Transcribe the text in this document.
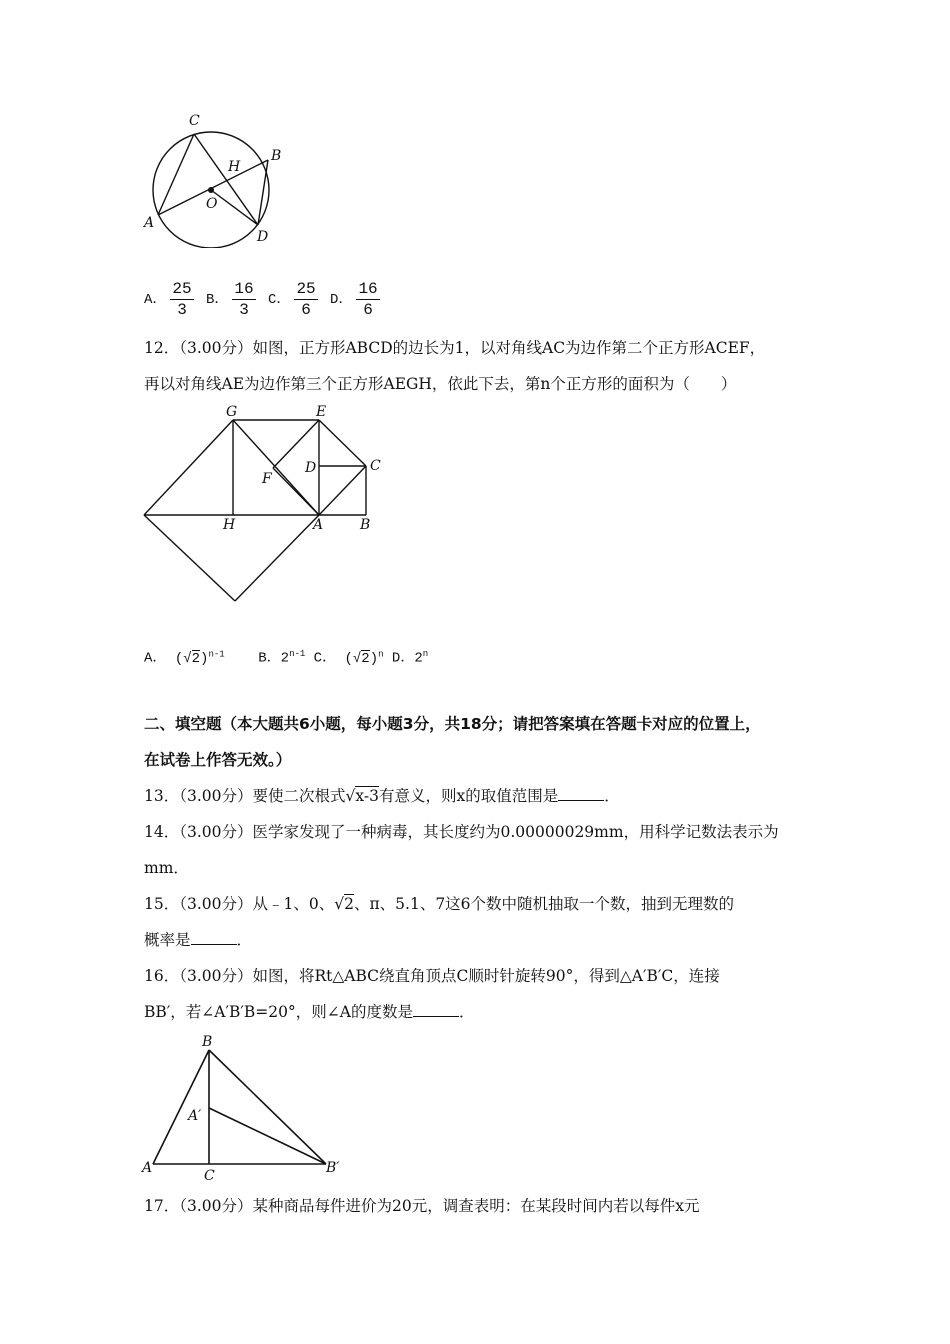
C
H
B
O
A
D
A． $\frac{25}{3}$ B． $\frac{16}{3}$ C． $\frac{25}{6}$ D． $\frac{16}{6}$
12．（3.00分）如图，正方形ABCD的边长为1，以对角线AC为边作第二个正方形ACEF，
再以对角线AE为边作第三个正方形AEGH，依此下去，第n个正方形的面积为（　　）
G	E
D	C
F
H	A	B
A． $(√2)^{n-1}$ B．2$^{n-1}$ C． $(√2)^n$ D．2$^n$
二、填空题（本大题共6小题，每小题3分，共18分；请把答案填在答题卡对应的位置上，
在试卷上作答无效。）
13．（3.00分）要使二次根式√x-3有意义，则x的取值范围是	．
14．（3.00分）医学家发现了一种病毒，其长度约为0.00000029mm，用科学记数法表示为
mm．
15．（3.00分）从﹣1、0、√2、π、5.1、7这6个数中随机抽取一个数，抽到无理数的
概率是	．
16．（3.00分）如图，将Rt△ABC绕直角顶点C顺时针旋转90°，得到△A′B′C，连接
BB′，若∠A′B′B=20°，则∠A的度数是	．
B
A′
A	C	B′
17．（3.00分）某种商品每件进价为20元，调查表明：在某段时间内若以每件x元
